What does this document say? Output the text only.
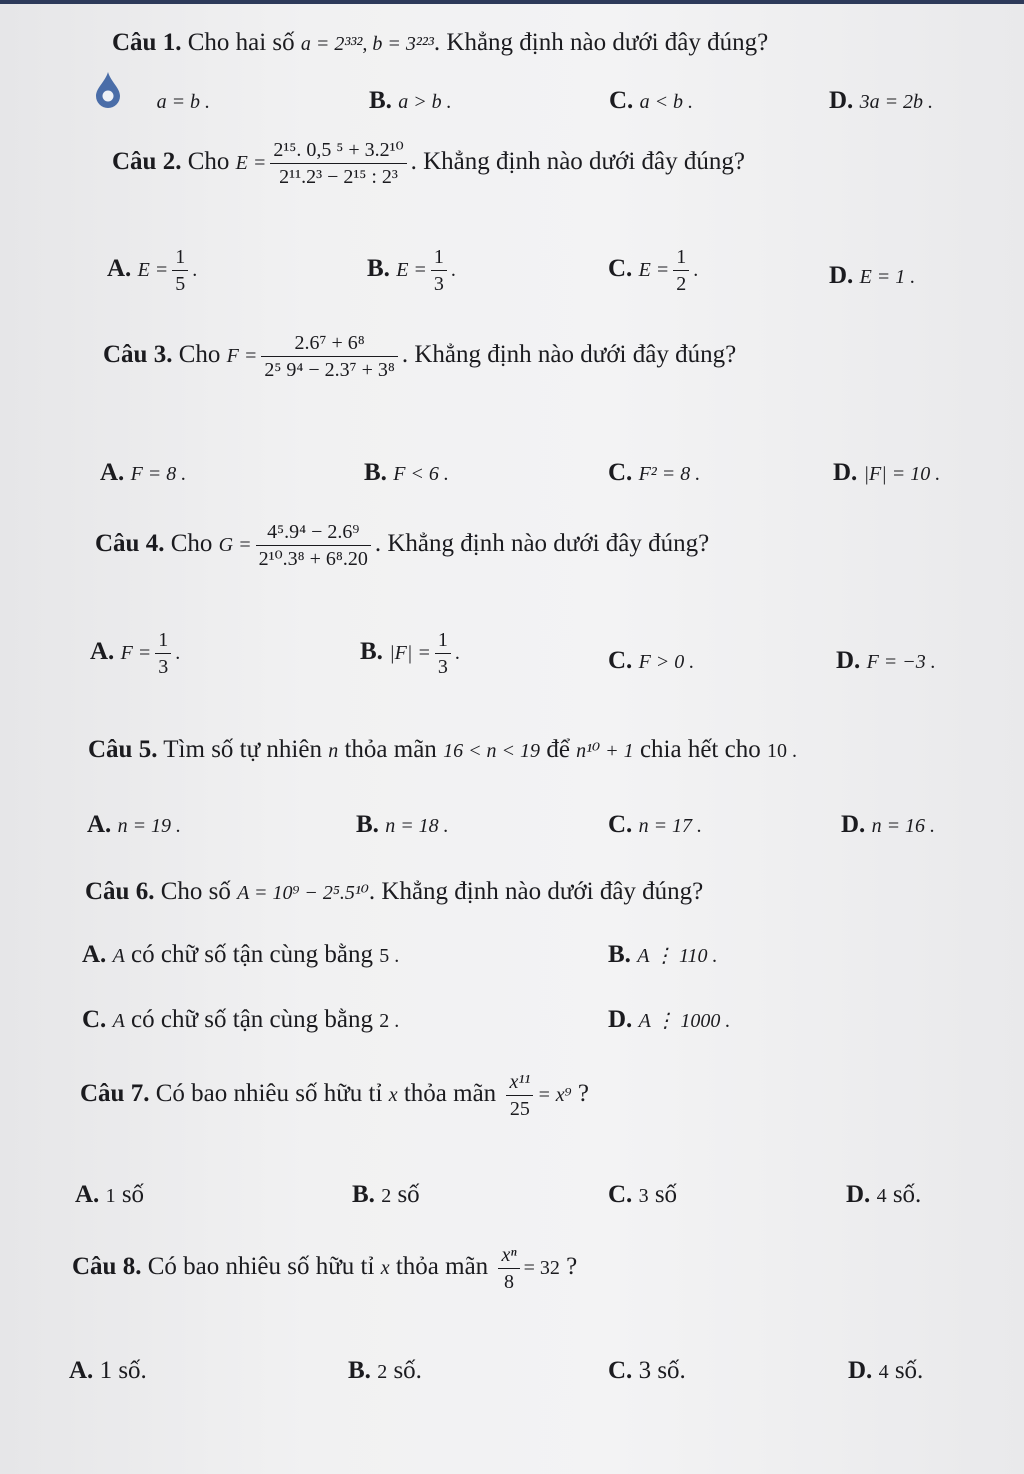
Câu 1. Cho hai số a = 2³³², b = 3²²³. Khẳng định nào dưới đây đúng?
a = b .	B. a > b .	C. a < b .	D. 3a = 2b .
Câu 2. Cho $E = \frac{\text{2¹⁵. 0,5 ⁵ + 3.2¹⁰}}{\text{2¹¹.2³ − 2¹⁵ : 2³}}$ . Khẳng định nào dưới đây đúng?
A. $E = \frac{1}{5}$ .	B. $E = \frac{1}{3}$ .	C. $E = \frac{1}{2}$ .	D. E = 1 .
Câu 3. Cho $F = \frac{\text{2.6⁷ + 6⁸}}{\text{2⁵ 9⁴ − 2.3⁷ + 3⁸}}$ . Khẳng định nào dưới đây đúng?
A. F = 8 .	B. F < 6 .	C. F² = 8 .	D. |F| = 10 .
Câu 4. Cho $G = \frac{\text{4⁵.9⁴ − 2.6⁹}}{\text{2¹⁰.3⁸ + 6⁸.20}}$ . Khẳng định nào dưới đây đúng?
A. $F = \frac{1}{3}$ .	B. $|F| = \frac{1}{3}$ .	C. F > 0 .	D. F = −3 .
Câu 5. Tìm số tự nhiên n thỏa mãn 16 < n < 19 để n¹⁰ + 1 chia hết cho 10 .
A. n = 19 .	B. n = 18 .	C. n = 17 .	D. n = 16 .
Câu 6. Cho số A = 10⁹ − 2⁵.5¹⁰. Khẳng định nào dưới đây đúng?
A. A có chữ số tận cùng bằng 5 .	B. A ⋮ 110 .
C. A có chữ số tận cùng bằng 2 .	D. A ⋮ 1000 .
Câu 7. Có bao nhiêu số hữu tỉ x thỏa mãn $\frac{\text{x¹¹}}{25} = x^9$ ?
A. 1 số	B. 2 số	C. 3 số	D. 4 số.
Câu 8. Có bao nhiêu số hữu tỉ x thỏa mãn $\frac{\text{xⁿ}}{8} = 32$ ?
A. 1 số.	B. 2 số.	C. 3 số.	D. 4 số.
